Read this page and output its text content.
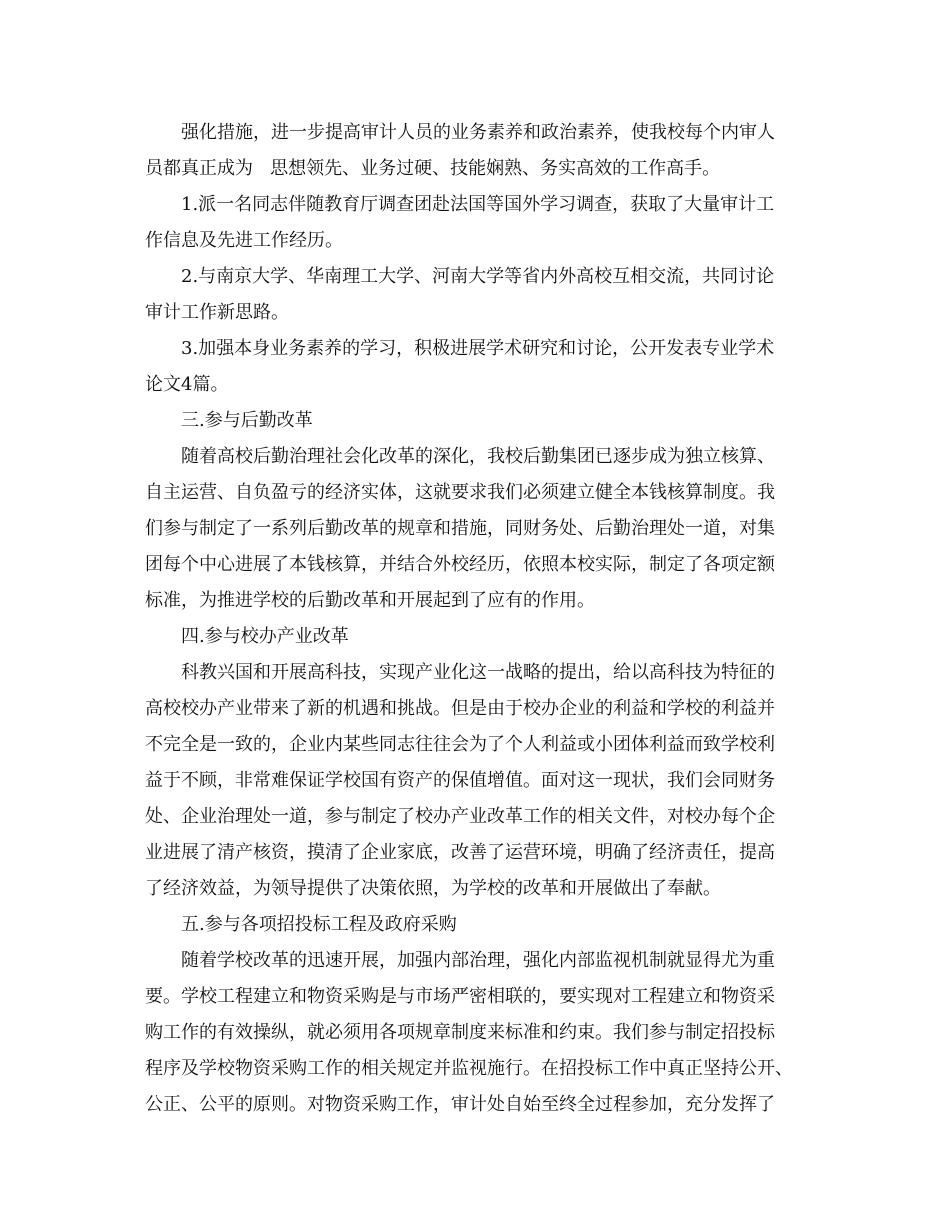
强化措施，进一步提高审计人员的业务素养和政治素养，使我校每个内审人
员都真正成为   思想领先、业务过硬、技能娴熟、务实高效的工作高手。
1.派一名同志伴随教育厅调查团赴法国等国外学习调查，获取了大量审计工
作信息及先进工作经历。
2.与南京大学、华南理工大学、河南大学等省内外高校互相交流，共同讨论
审计工作新思路。
3.加强本身业务素养的学习，积极进展学术研究和讨论，公开发表专业学术
论文4篇。
三.参与后勤改革
随着高校后勤治理社会化改革的深化，我校后勤集团已逐步成为独立核算、
自主运营、自负盈亏的经济实体，这就要求我们必须建立健全本钱核算制度。我
们参与制定了一系列后勤改革的规章和措施，同财务处、后勤治理处一道，对集
团每个中心进展了本钱核算，并结合外校经历，依照本校实际，制定了各项定额
标准，为推进学校的后勤改革和开展起到了应有的作用。
四.参与校办产业改革
科教兴国和开展高科技，实现产业化这一战略的提出，给以高科技为特征的
高校校办产业带来了新的机遇和挑战。但是由于校办企业的利益和学校的利益并
不完全是一致的，企业内某些同志往往会为了个人利益或小团体利益而致学校利
益于不顾，非常难保证学校国有资产的保值增值。面对这一现状，我们会同财务
处、企业治理处一道，参与制定了校办产业改革工作的相关文件，对校办每个企
业进展了清产核资，摸清了企业家底，改善了运营环境，明确了经济责任，提高
了经济效益，为领导提供了决策依照，为学校的改革和开展做出了奉献。
五.参与各项招投标工程及政府采购
随着学校改革的迅速开展，加强内部治理，强化内部监视机制就显得尤为重
要。学校工程建立和物资采购是与市场严密相联的，要实现对工程建立和物资采
购工作的有效操纵，就必须用各项规章制度来标准和约束。我们参与制定招投标
程序及学校物资采购工作的相关规定并监视施行。在招投标工作中真正坚持公开、
公正、公平的原则。对物资采购工作，审计处自始至终全过程参加，充分发挥了
